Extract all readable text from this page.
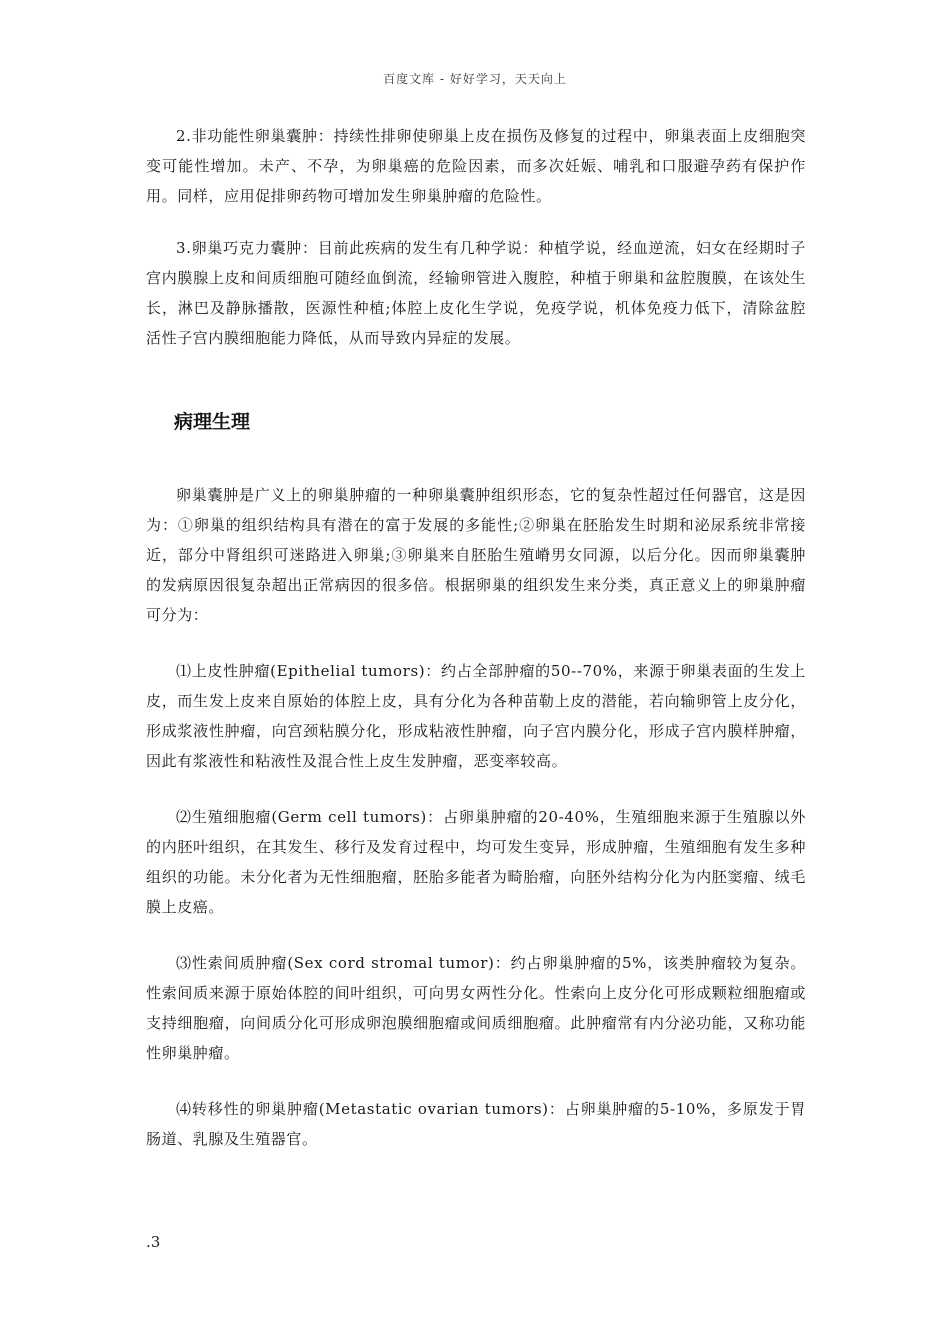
百度文库 - 好好学习，天天向上

2.非功能性卵巢囊肿：持续性排卵使卵巢上皮在损伤及修复的过程中，卵巢表面上皮细胞突变可能性增加。未产、不孕，为卵巢癌的危险因素，而多次妊娠、哺乳和口服避孕药有保护作用。同样，应用促排卵药物可增加发生卵巢肿瘤的危险性。

3.卵巢巧克力囊肿：目前此疾病的发生有几种学说：种植学说，经血逆流，妇女在经期时子宫内膜腺上皮和间质细胞可随经血倒流，经输卵管进入腹腔，种植于卵巢和盆腔腹膜，在该处生长，淋巴及静脉播散，医源性种植;体腔上皮化生学说，免疫学说，机体免疫力低下，清除盆腔活性子宫内膜细胞能力降低，从而导致内异症的发展。

病理生理

卵巢囊肿是广义上的卵巢肿瘤的一种卵巢囊肿组织形态，它的复杂性超过任何器官，这是因为：①卵巢的组织结构具有潜在的富于发展的多能性;②卵巢在胚胎发生时期和泌尿系统非常接近，部分中肾组织可迷路进入卵巢;③卵巢来自胚胎生殖嵴男女同源，以后分化。因而卵巢囊肿的发病原因很复杂超出正常病因的很多倍。根据卵巢的组织发生来分类，真正意义上的卵巢肿瘤可分为：

⑴上皮性肿瘤(Epithelial tumors)：约占全部肿瘤的50--70%，来源于卵巢表面的生发上皮，而生发上皮来自原始的体腔上皮，具有分化为各种苗勒上皮的潜能，若向输卵管上皮分化，形成浆液性肿瘤，向宫颈粘膜分化，形成粘液性肿瘤，向子宫内膜分化，形成子宫内膜样肿瘤，因此有浆液性和粘液性及混合性上皮生发肿瘤，恶变率较高。

⑵生殖细胞瘤(Germ cell tumors)：占卵巢肿瘤的20-40%，生殖细胞来源于生殖腺以外的内胚叶组织，在其发生、移行及发育过程中，均可发生变异，形成肿瘤，生殖细胞有发生多种组织的功能。未分化者为无性细胞瘤，胚胎多能者为畸胎瘤，向胚外结构分化为内胚窦瘤、绒毛膜上皮癌。

⑶性索间质肿瘤(Sex cord stromal tumor)：约占卵巢肿瘤的5%，该类肿瘤较为复杂。性索间质来源于原始体腔的间叶组织，可向男女两性分化。性索向上皮分化可形成颗粒细胞瘤或支持细胞瘤，向间质分化可形成卵泡膜细胞瘤或间质细胞瘤。此肿瘤常有内分泌功能，又称功能性卵巢肿瘤。

⑷转移性的卵巢肿瘤(Metastatic ovarian tumors)：占卵巢肿瘤的5-10%，多原发于胃肠道、乳腺及生殖器官。

.3
